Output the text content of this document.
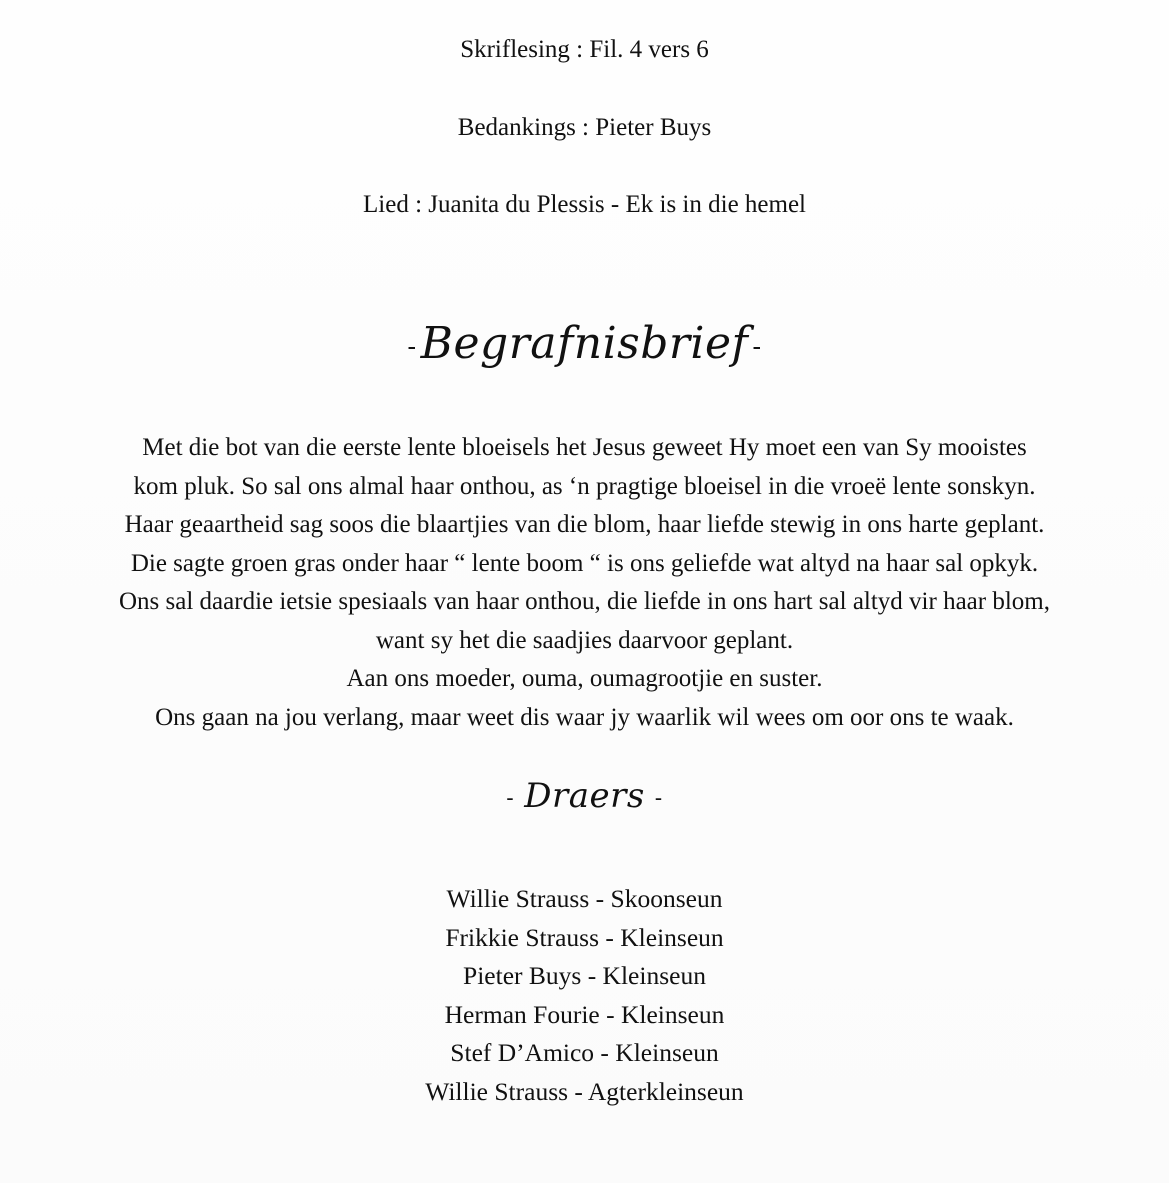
Skriflesing : Fil. 4 vers 6
Bedankings : Pieter Buys
Lied : Juanita du Plessis - Ek is in die hemel
-Begrafnisbrief -
Met die bot van die eerste lente bloeisels het Jesus geweet Hy moet een van Sy mooistes
kom pluk. So sal ons almal haar onthou, as ‘n pragtige bloeisel in die vroeë lente sonskyn.
Haar geaartheid sag soos die blaartjies van die blom, haar liefde stewig in ons harte geplant.
Die sagte groen gras onder haar “ lente boom “ is ons geliefde wat altyd na haar sal opkyk.
Ons sal daardie ietsie spesiaals van haar onthou, die liefde in ons hart sal altyd vir haar blom,
want sy het die saadjies daarvoor geplant.
Aan ons moeder, ouma, oumagrootjie en suster.
Ons gaan na jou verlang, maar weet dis waar jy waarlik wil wees om oor ons te waak.
- Draers -
Willie Strauss - Skoonseun
Frikkie Strauss - Kleinseun
Pieter Buys - Kleinseun
Herman Fourie - Kleinseun
Stef D’Amico - Kleinseun
Willie Strauss - Agterkleinseun
